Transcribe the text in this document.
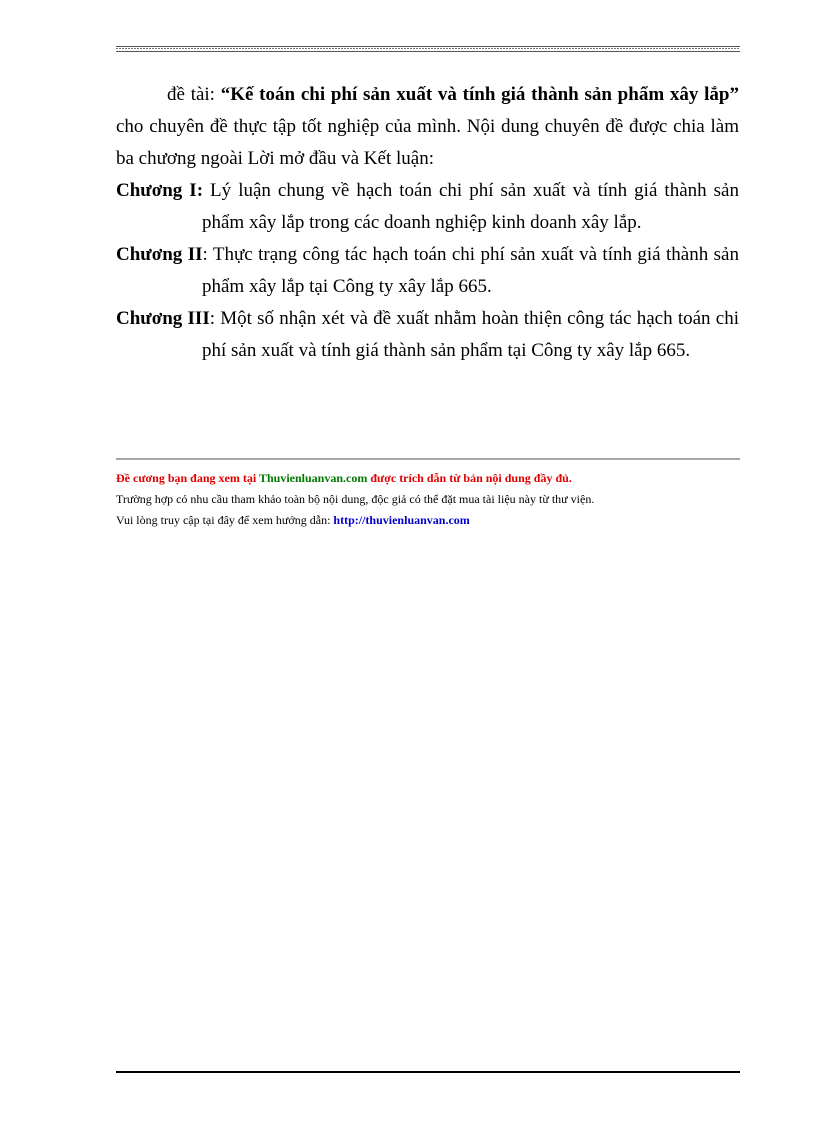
đề tài: “Kế toán chi phí sản xuất và tính giá thành sản phẩm xây lắp”
cho chuyên đề thực tập tốt nghiệp của mình. Nội dung chuyên đề được chia làm
ba chương ngoài Lời mở đầu và Kết luận:
Chương I: Lý luận chung về hạch toán chi phí sản xuất và tính giá thành sản
phẩm xây lắp trong các doanh nghiệp kinh doanh xây lắp.
Chương II: Thực trạng công tác hạch toán chi phí sản xuất và tính giá thành sản
phẩm xây lắp tại Công ty xây lắp 665.
Chương III: Một số nhận xét và đề xuất nhằm hoàn thiện công tác hạch toán chi
phí sản xuất và tính giá thành sản phẩm tại Công ty xây lắp 665.
Đề cương bạn đang xem tại Thuvienluanvan.com được trích dẫn từ bản nội dung đầy đủ.
Trường hợp có nhu cầu tham khảo toàn bộ nội dung, độc giả có thể đặt mua tài liệu này từ thư viện.
Vui lòng truy cập tại đây để xem hướng dẫn: http://thuvienluanvan.com
